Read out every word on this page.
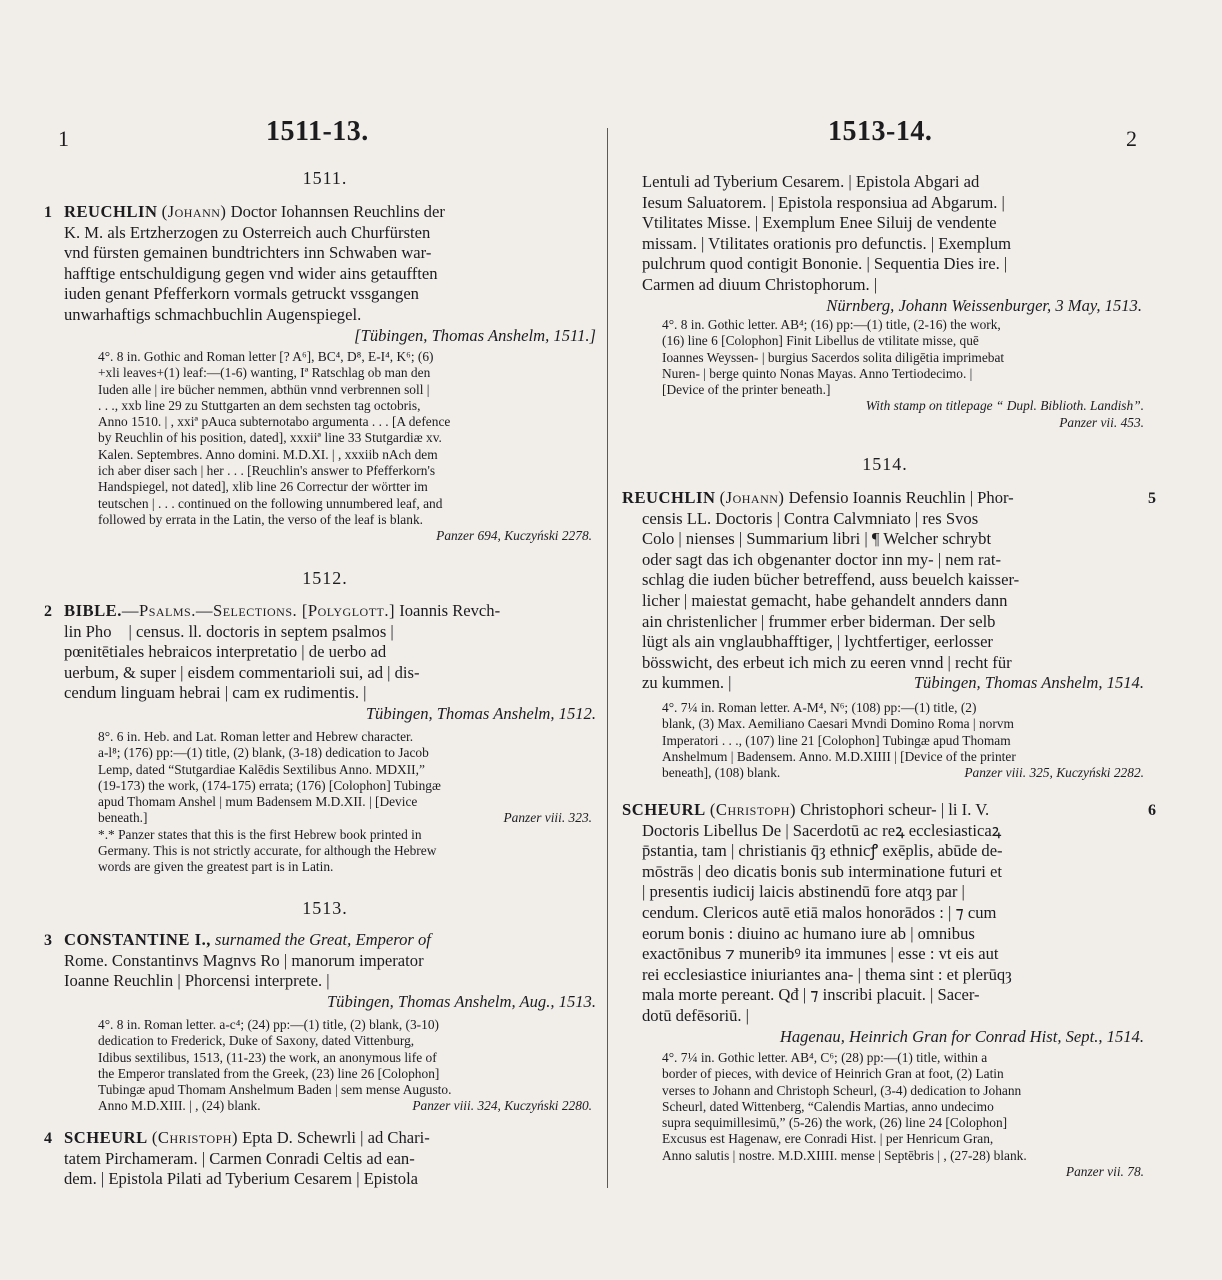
1	1511-13.
1511.
1 REUCHLIN (Johann) Doctor Iohannsen Reuchlins der
K. M. als Ertzherzogen zu Osterreich auch Churfürsten
vnd fürsten gemainen bundtrichters inn Schwaben war-
hafftige entschuldigung gegen vnd wider ains getaufften
iuden genant Pfefferkorn vormals getruckt vssgangen
unwarhaftigs schmachbuchlin Augenspiegel.
[Tübingen, Thomas Anshelm, 1511.]
4°. 8 in. Gothic and Roman letter [? A⁶], BC⁴, D⁸, E-I⁴, K⁶; (6)
+xli leaves+(1) leaf:—(1-6) wanting, Iª Ratschlag ob man den
Iuden alle | ire bücher nemmen, abthün vnnd verbrennen soll |
. . ., xxb line 29 zu Stuttgarten an dem sechsten tag octobris,
Anno 1510. | , xxiª pAuca subternotabo argumenta . . . [A defence
by Reuchlin of his position, dated], xxxiiª line 33 Stutgardiæ xv.
Kalen. Septembres. Anno domini. M.D.XI. | , xxxiib nAch dem
ich aber diser sach | her . . . [Reuchlin's answer to Pfefferkorn's
Handspiegel, not dated], xlib line 26 Correctur der wörtter im
teutschen | . . . continued on the following unnumbered leaf, and
followed by errata in the Latin, the verso of the leaf is blank.
Panzer 694, Kuczyński 2278.
1512.
2 BIBLE.—Psalms.—Selections. [Polyglott.] Ioannis Revch-
lin Phoᷣ | census. ll. doctoris in septem psalmos |
pœnitētiales hebraicos interpretatio | de uerbo ad
uerbum, & super | eisdem commentarioli sui, ad | dis-
cendum linguam hebrai | cam ex rudimentis. |
Tübingen, Thomas Anshelm, 1512.
8°. 6 in. Heb. and Lat. Roman letter and Hebrew character.
a-l⁸; (176) pp:—(1) title, (2) blank, (3-18) dedication to Jacob
Lemp, dated “Stutgardiae Kalēdis Sextilibus Anno. MDXII,”
(19-173) the work, (174-175) errata; (176) [Colophon] Tubingæ
apud Thomam Anshel | mum Badensem M.D.XII. | [Device
beneath.]	Panzer viii. 323.
*.* Panzer states that this is the first Hebrew book printed in
Germany. This is not strictly accurate, for although the Hebrew
words are given the greatest part is in Latin.
1513.
3 CONSTANTINE I., surnamed the Great, Emperor of
Rome. Constantinvs Magnvs Ro | manorum imperator
Ioanne Reuchlin | Phorcensi interprete. |
Tübingen, Thomas Anshelm, Aug., 1513.
4°. 8 in. Roman letter. a-c⁴; (24) pp:—(1) title, (2) blank, (3-10)
dedication to Frederick, Duke of Saxony, dated Vittenburg,
Idibus sextilibus, 1513, (11-23) the work, an anonymous life of
the Emperor translated from the Greek, (23) line 26 [Colophon]
Tubingæ apud Thomam Anshelmum Baden | sem mense Augusto.
Anno M.D.XIII. | , (24) blank.	Panzer viii. 324, Kuczyński 2280.
4 SCHEURL (Christoph) Epta D. Schewrli | ad Chari-
tatem Pirchameram. | Carmen Conradi Celtis ad ean-
dem. | Epistola Pilati ad Tyberium Cesarem | Epistola
1513-14.	2
Lentuli ad Tyberium Cesarem. | Epistola Abgari ad
Iesum Saluatorem. | Epistola responsiua ad Abgarum. |
Vtilitates Misse. | Exemplum Enee Siluij de vendente
missam. | Vtilitates orationis pro defunctis. | Exemplum
pulchrum quod contigit Bononie. | Sequentia Dies ire. |
Carmen ad diuum Christophorum. |
Nürnberg, Johann Weissenburger, 3 May, 1513.
4°. 8 in. Gothic letter. AB⁴; (16) pp:—(1) title, (2-16) the work,
(16) line 6 [Colophon] Finit Libellus de vtilitate misse, quē
Ioannes Weyssen- | burgius Sacerdos solita diligētia imprimebat
Nuren- | berge quinto Nonas Mayas. Anno Tertiodecimo. |
[Device of the printer beneath.]
With stamp on titlepage “ Dupl. Biblioth. Landish”.
Panzer vii. 453.
1514.
5
REUCHLIN (Johann) Defensio Ioannis Reuchlin | Phor-
censis LL. Doctoris | Contra Calvmniato | res Svos
Colo | nienses | Summarium libri | ¶ Welcher schrybt
oder sagt das ich obgenanter doctor inn my- | nem rat-
schlag die iuden bücher betreffend, auss beuelch kaisser-
licher | maiestat gemacht, habe gehandelt annders dann
ain christenlicher | frummer erber biderman. Der selb
lügt als ain vnglaubhafftiger, | lychtfertiger, eerlosser
bösswicht, des erbeut ich mich zu eeren vnnd | recht für
zu kummen. |	Tübingen, Thomas Anshelm, 1514.
4°. 7¼ in. Roman letter. A-M⁴, N⁶; (108) pp:—(1) title, (2)
blank, (3) Max. Aemiliano Caesari Mvndi Domino Roma | norvm
Imperatori . . ., (107) line 21 [Colophon] Tubingæ apud Thomam
Anshelmum | Badensem. Anno. M.D.XIIII | [Device of the printer
beneath], (108) blank.	Panzer viii. 325, Kuczyński 2282.
6
SCHEURL (Christoph) Christophori scheur- | li I. V.
Doctoris Libellus De | Sacerdotū ac reꝝ ecclesiasticaꝝ
p̄stantia, tam | christianis q̄ȝ ethnicꝭ exēplis, abūde de-
mōstrās | deo dicatis bonis sub interminatione futuri et
| presentis iudicij laicis abstinendū fore atqȝ par |
cendum. Clericos autē etiā malos honorādos : | ⁊ cum
eorum bonis : diuino ac humano iure ab | omnibus
exactōnibus ⁊ muneribꝰ ita immunes | esse : vt eis aut
rei ecclesiastice iniuriantes ana- | thema sint : et plerūqȝ
mala morte pereant. Qđ | ⁊ inscribi placuit. | Sacer-
dotū defēsoriū. |
Hagenau, Heinrich Gran for Conrad Hist, Sept., 1514.
4°. 7¼ in. Gothic letter. AB⁴, C⁶; (28) pp:—(1) title, within a
border of pieces, with device of Heinrich Gran at foot, (2) Latin
verses to Johann and Christoph Scheurl, (3-4) dedication to Johann
Scheurl, dated Wittenberg, “Calendis Martias, anno undecimo
supra sequimillesimū,” (5-26) the work, (26) line 24 [Colophon]
Excusus est Hagenaw, ere Conradi Hist. | per Henricum Gran,
Anno salutis | nostre. M.D.XIIII. mense | Septēbris | , (27-28) blank.
Panzer vii. 78.
